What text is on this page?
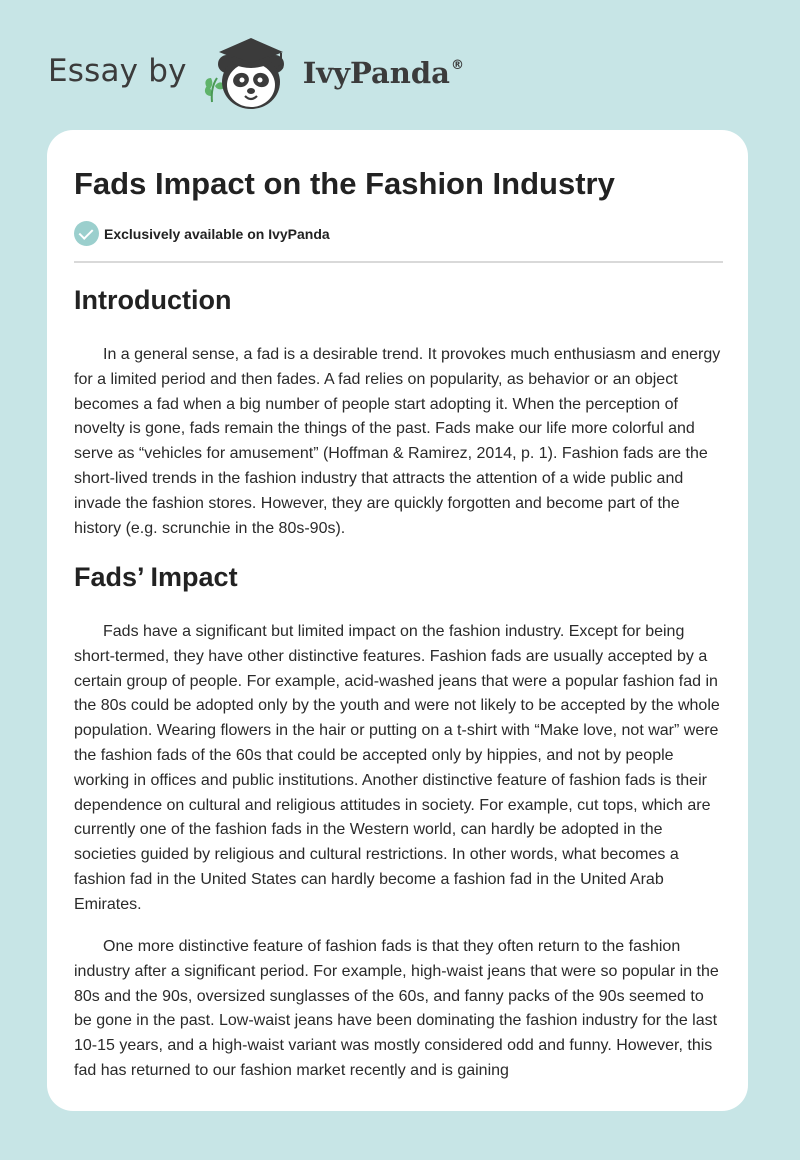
Essay by	IvyPanda®
Fads Impact on the Fashion Industry
Exclusively available on IvyPanda
Introduction

In a general sense, a fad is a desirable trend. It provokes much enthusiasm and energy for a limited period and then fades. A fad relies on popularity, as behavior or an object becomes a fad when a big number of people start adopting it. When the perception of novelty is gone, fads remain the things of the past. Fads make our life more colorful and serve as “vehicles for amusement” (Hoffman & Ramirez, 2014, p. 1). Fashion fads are the short-lived trends in the fashion industry that attracts the attention of a wide public and invade the fashion stores. However, they are quickly forgotten and become part of the history (e.g. scrunchie in the 80s-90s).

Fads’ Impact

Fads have a significant but limited impact on the fashion industry. Except for being short-termed, they have other distinctive features. Fashion fads are usually accepted by a certain group of people. For example, acid-washed jeans that were a popular fashion fad in the 80s could be adopted only by the youth and were not likely to be accepted by the whole population. Wearing flowers in the hair or putting on a t-shirt with “Make love, not war” were the fashion fads of the 60s that could be accepted only by hippies, and not by people working in offices and public institutions. Another distinctive feature of fashion fads is their dependence on cultural and religious attitudes in society. For example, cut tops, which are currently one of the fashion fads in the Western world, can hardly be adopted in the societies guided by religious and cultural restrictions. In other words, what becomes a fashion fad in the United States can hardly become a fashion fad in the United Arab Emirates.

One more distinctive feature of fashion fads is that they often return to the fashion industry after a significant period. For example, high-waist jeans that were so popular in the 80s and the 90s, oversized sunglasses of the 60s, and fanny packs of the 90s seemed to be gone in the past. Low-waist jeans have been dominating the fashion industry for the last 10-15 years, and a high-waist variant was mostly considered odd and funny. However, this fad has returned to our fashion market recently and is gaining
